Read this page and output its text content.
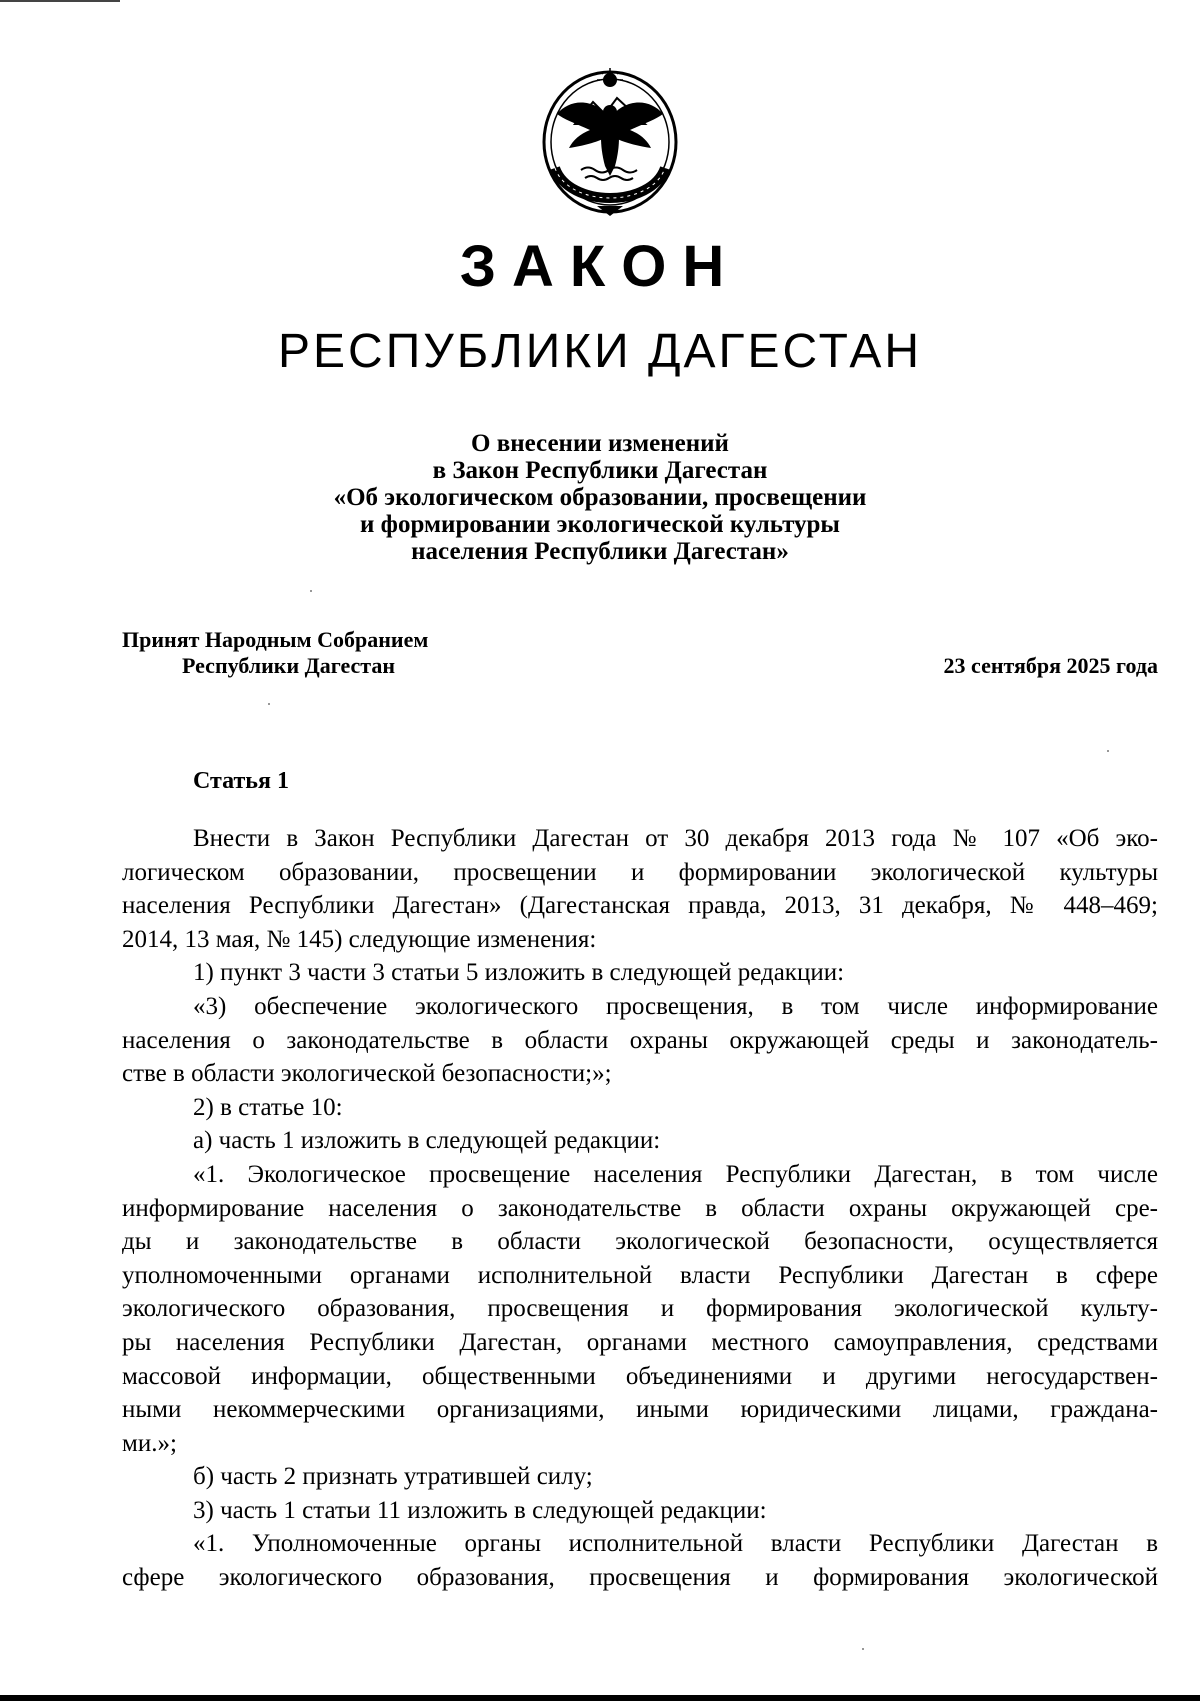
ЗАКОН
РЕСПУБЛИКИ ДАГЕСТАН
О внесении изменений
в Закон Республики Дагестан
«Об экологическом образовании, просвещении
и формировании экологической культуры
населения Республики Дагестан»
Принят Народным Собранием
Республики Дагестан	23 сентября 2025 года
Статья 1
Внести в Закон Республики Дагестан от 30 декабря 2013 года № 107 «Об эко-
логическом образовании, просвещении и формировании экологической культуры
населения Республики Дагестан» (Дагестанская правда, 2013, 31 декабря, № 448–469;
2014, 13 мая, № 145) следующие изменения:
1) пункт 3 части 3 статьи 5 изложить в следующей редакции:
«3) обеспечение экологического просвещения, в том числе информирование
населения о законодательстве в области охраны окружающей среды и законодатель-
стве в области экологической безопасности;»;
2) в статье 10:
а) часть 1 изложить в следующей редакции:
«1. Экологическое просвещение населения Республики Дагестан, в том числе
информирование населения о законодательстве в области охраны окружающей сре-
ды и законодательстве в области экологической безопасности, осуществляется
уполномоченными органами исполнительной власти Республики Дагестан в сфере
экологического образования, просвещения и формирования экологической культу-
ры населения Республики Дагестан, органами местного самоуправления, средствами
массовой информации, общественными объединениями и другими негосударствен-
ными некоммерческими организациями, иными юридическими лицами, граждана-
ми.»;
б) часть 2 признать утратившей силу;
3) часть 1 статьи 11 изложить в следующей редакции:
«1. Уполномоченные органы исполнительной власти Республики Дагестан в
сфере экологического образования, просвещения и формирования экологической
